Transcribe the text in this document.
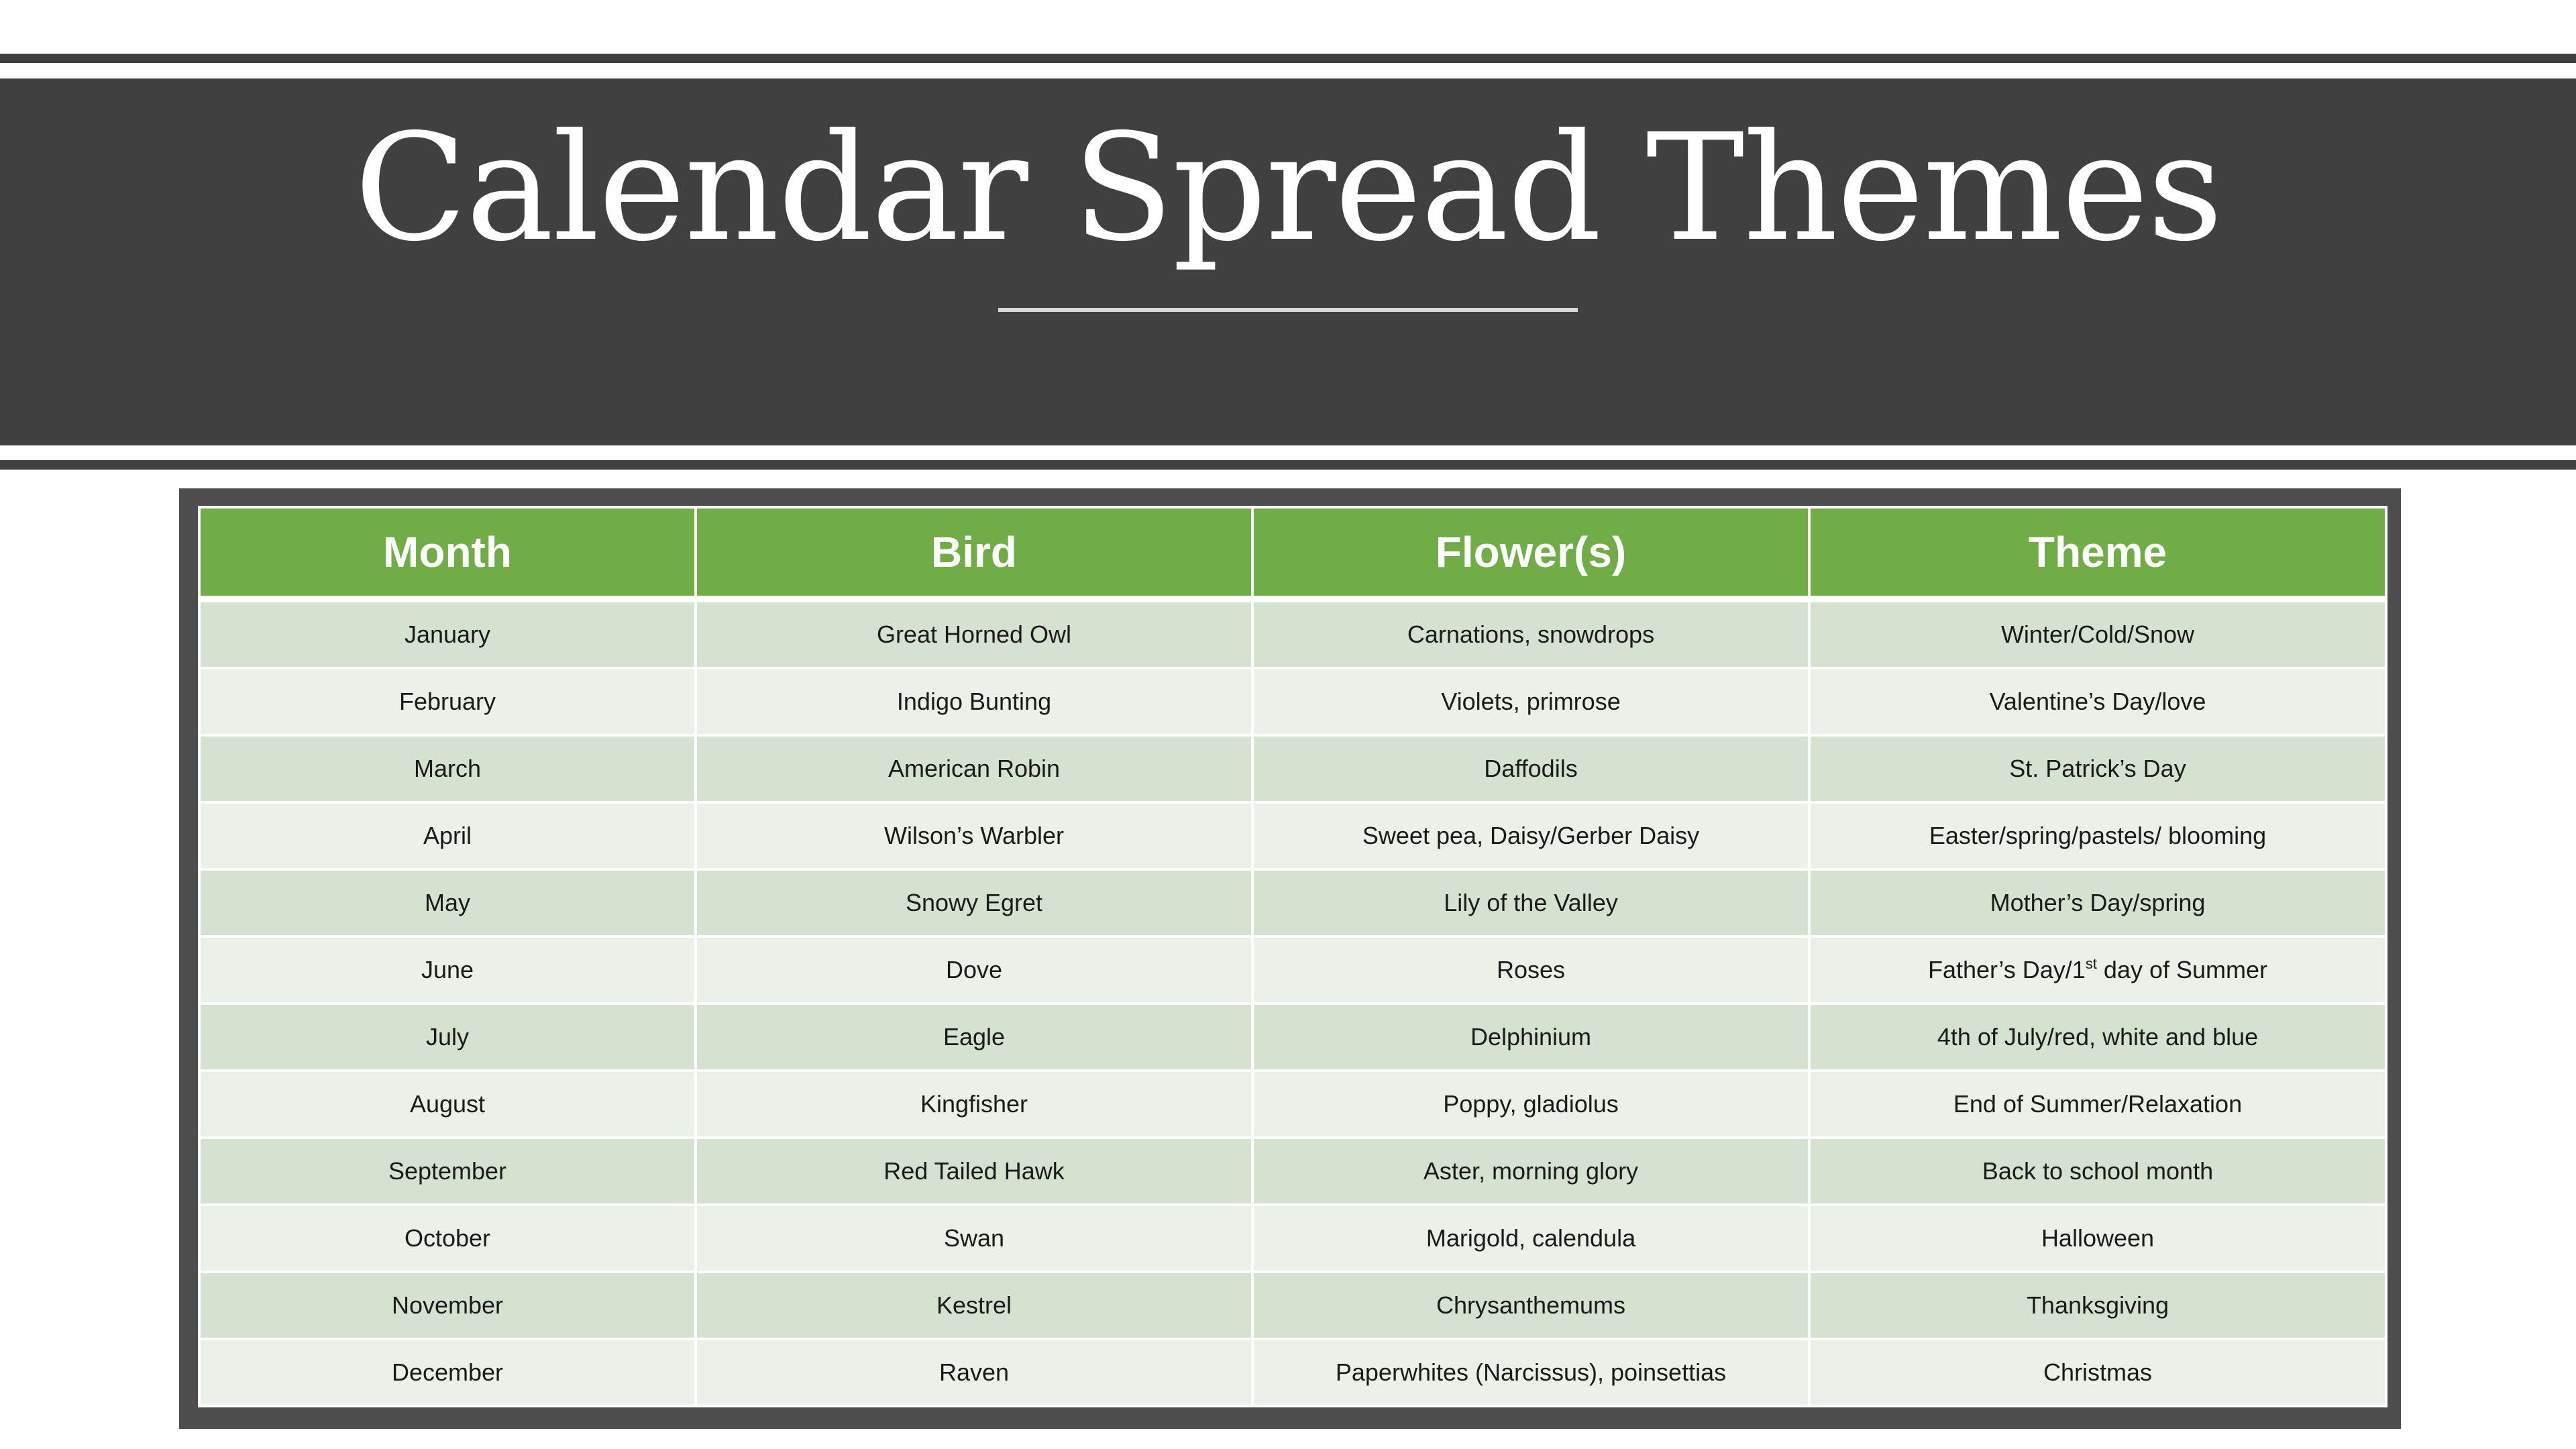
Calendar Spread Themes
Month	Bird	Flower(s)	Theme
January	Great Horned Owl	Carnations, snowdrops	Winter/Cold/Snow
February	Indigo Bunting	Violets, primrose	Valentine’s Day/love
March	American Robin	Daffodils	St. Patrick’s Day
April	Wilson’s Warbler	Sweet pea, Daisy/Gerber Daisy	Easter/spring/pastels/ blooming
May	Snowy Egret	Lily of the Valley	Mother’s Day/spring
June	Dove	Roses	Father’s Day/1st day of Summer
July	Eagle	Delphinium	4th of July/red, white and blue
August	Kingfisher	Poppy, gladiolus	End of Summer/Relaxation
September	Red Tailed Hawk	Aster, morning glory	Back to school month
October	Swan	Marigold, calendula	Halloween
November	Kestrel	Chrysanthemums	Thanksgiving
December	Raven	Paperwhites (Narcissus), poinsettias	Christmas
